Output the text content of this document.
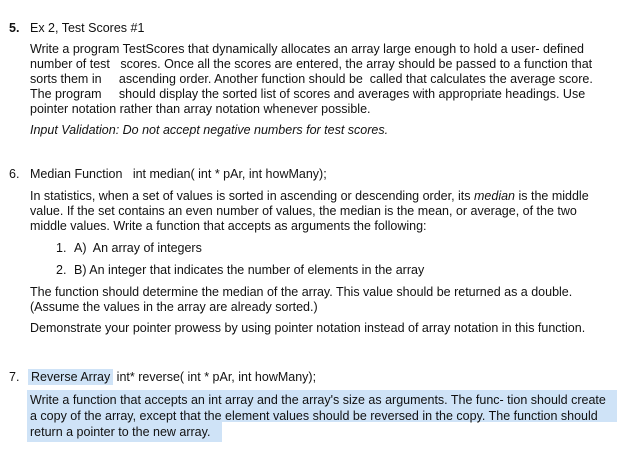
5. Ex 2, Test Scores #1
Write a program TestScores that dynamically allocates an array large enough to hold a user- defined
number of test   scores. Once all the scores are entered, the array should be passed to a function that
sorts them in     ascending order. Another function should be  called that calculates the average score.
The program     should display the sorted list of scores and averages with appropriate headings. Use
pointer notation rather than array notation whenever possible.
Input Validation: Do not accept negative numbers for test scores.
6. Median Function   int median( int * pAr, int howMany);
In statistics, when a set of values is sorted in ascending or descending order, its median is the middle
value. If the set contains an even number of values, the median is the mean, or average, of the two
middle values. Write a function that accepts as arguments the following:
1. A)  An array of integers
2. B) An integer that indicates the number of elements in the array
The function should determine the median of the array. This value should be returned as a double.
(Assume the values in the array are already sorted.)
Demonstrate your pointer prowess by using pointer notation instead of array notation in this function.
7. Reverse Array int* reverse( int * pAr, int howMany);
Write a function that accepts an int array and the array's size as arguments. The func- tion should create
a copy of the array, except that the element values should be reversed in the copy. The function should
return a pointer to the new array.
